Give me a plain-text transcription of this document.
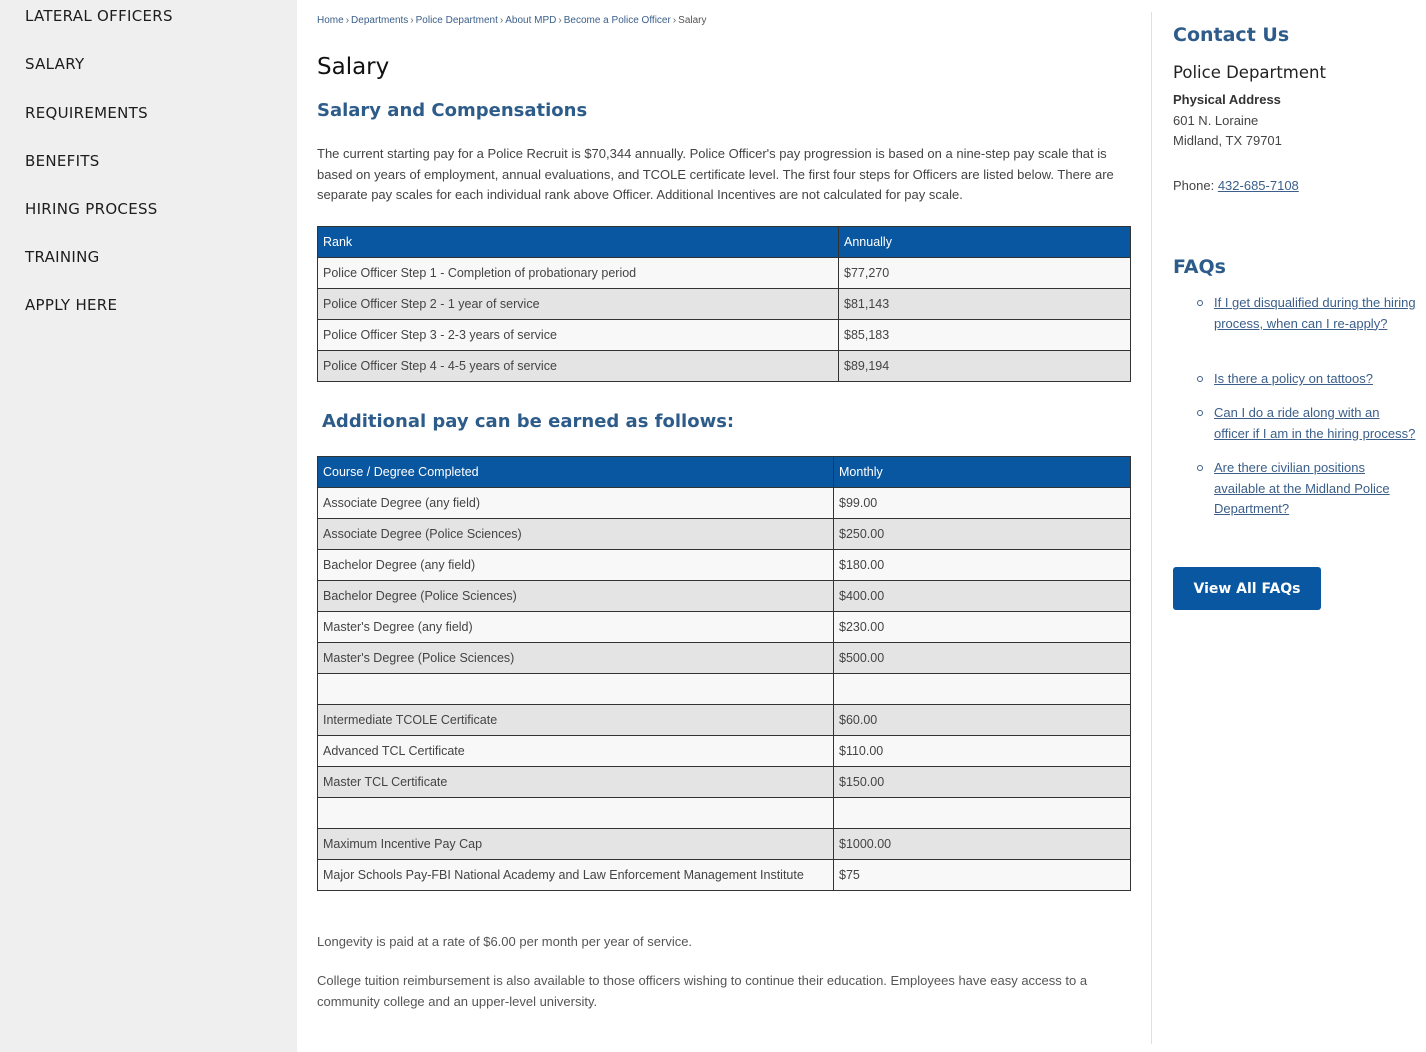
LATERAL OFFICERS
SALARY
REQUIREMENTS
BENEFITS
HIRING PROCESS
TRAINING
APPLY HERE
Home › Departments › Police Department › About MPD › Become a Police Officer › Salary
Salary
Salary and Compensations

The current starting pay for a Police Recruit is $70,344 annually. Police Officer's pay progression is based on a nine-step pay scale that is based on years of employment, annual evaluations, and TCOLE certificate level. The first four steps for Officers are listed below. There are separate pay scales for each individual rank above Officer. Additional Incentives are not calculated for pay scale.

Rank	Annually
Police Officer Step 1 - Completion of probationary period	$77,270
Police Officer Step 2 - 1 year of service	$81,143
Police Officer Step 3 - 2-3 years of service	$85,183
Police Officer Step 4 - 4-5 years of service	$89,194
Additional pay can be earned as follows:
Course / Degree Completed	Monthly
Associate Degree (any field)	$99.00
Associate Degree (Police Sciences)	$250.00
Bachelor Degree (any field)	$180.00
Bachelor Degree (Police Sciences)	$400.00
Master's Degree (any field)	$230.00
Master's Degree (Police Sciences)	$500.00

Intermediate TCOLE Certificate	$60.00
Advanced TCL Certificate	$110.00
Master TCL Certificate	$150.00

Maximum Incentive Pay Cap	$1000.00
Major Schools Pay-FBI National Academy and Law Enforcement Management Institute	$75

Longevity is paid at a rate of $6.00 per month per year of service.

College tuition reimbursement is also available to those officers wishing to continue their education. Employees have easy access to a community college and an upper-level university.

Contact Us
Police Department
Physical Address
601 N. Loraine
Midland, TX 79701
Phone: 432-685-7108
FAQs
If I get disqualified during the hiring process, when can I re-apply?
Is there a policy on tattoos?
Can I do a ride along with an officer if I am in the hiring process?
Are there civilian positions available at the Midland Police Department?
View All FAQs
